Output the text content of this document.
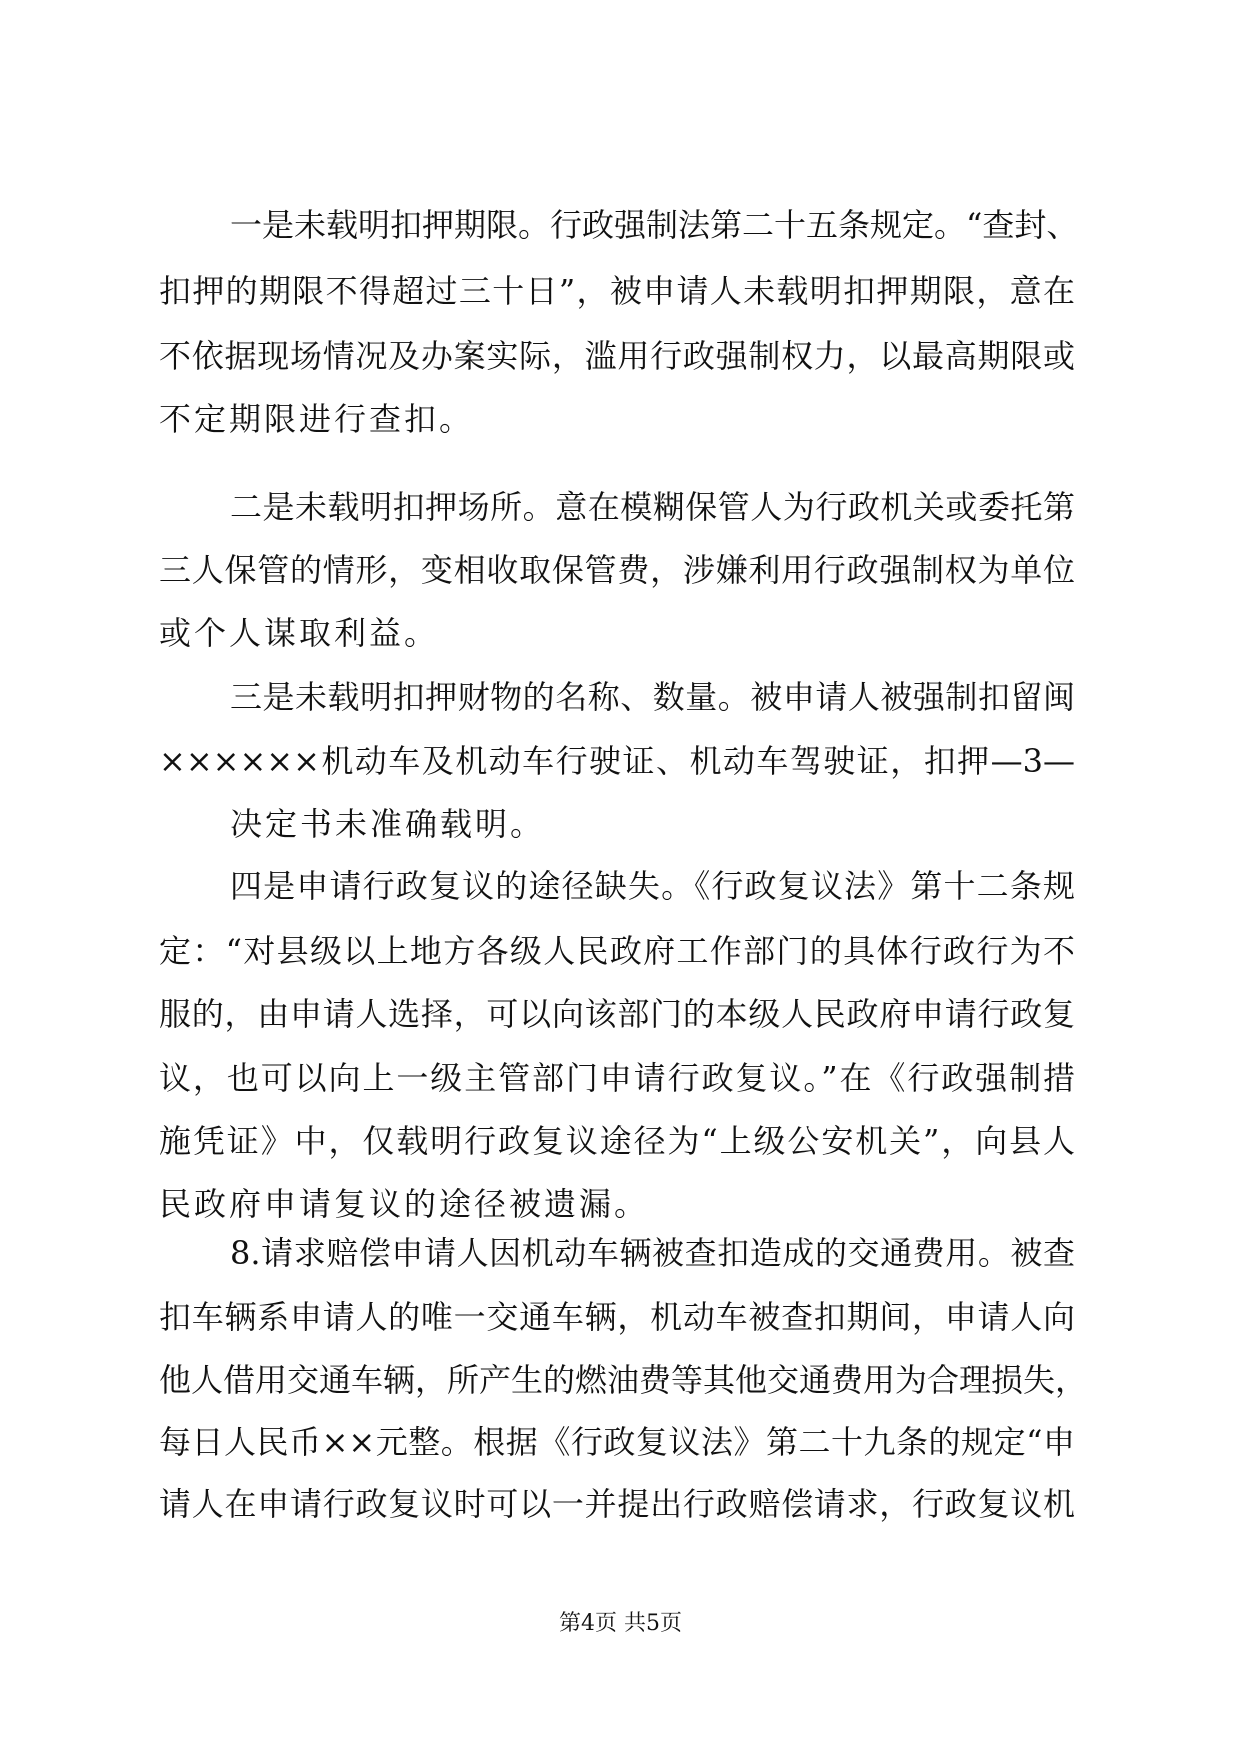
一是未载明扣押期限。行政强制法第二十五条规定。“查封、
扣押的期限不得超过三十日”，被申请人未载明扣押期限，意在
不依据现场情况及办案实际，滥用行政强制权力，以最高期限或
不定期限进行查扣。
二是未载明扣押场所。意在模糊保管人为行政机关或委托第
三人保管的情形，变相收取保管费，涉嫌利用行政强制权为单位
或个人谋取利益。
三是未载明扣押财物的名称、数量。被申请人被强制扣留闽
××××××机动车及机动车行驶证、机动车驾驶证，扣押—3—
决定书未准确载明。
四是申请行政复议的途径缺失。《行政复议法》第十二条规
定：“对县级以上地方各级人民政府工作部门的具体行政行为不
服的，由申请人选择，可以向该部门的本级人民政府申请行政复
议，也可以向上一级主管部门申请行政复议。”在《行政强制措
施凭证》中，仅载明行政复议途径为“上级公安机关”，向县人
民政府申请复议的途径被遗漏。
8.请求赔偿申请人因机动车辆被查扣造成的交通费用。被查
扣车辆系申请人的唯一交通车辆，机动车被查扣期间，申请人向
他人借用交通车辆，所产生的燃油费等其他交通费用为合理损失，
每日人民币××元整。根据《行政复议法》第二十九条的规定“申
请人在申请行政复议时可以一并提出行政赔偿请求，行政复议机
第4页 共5页
